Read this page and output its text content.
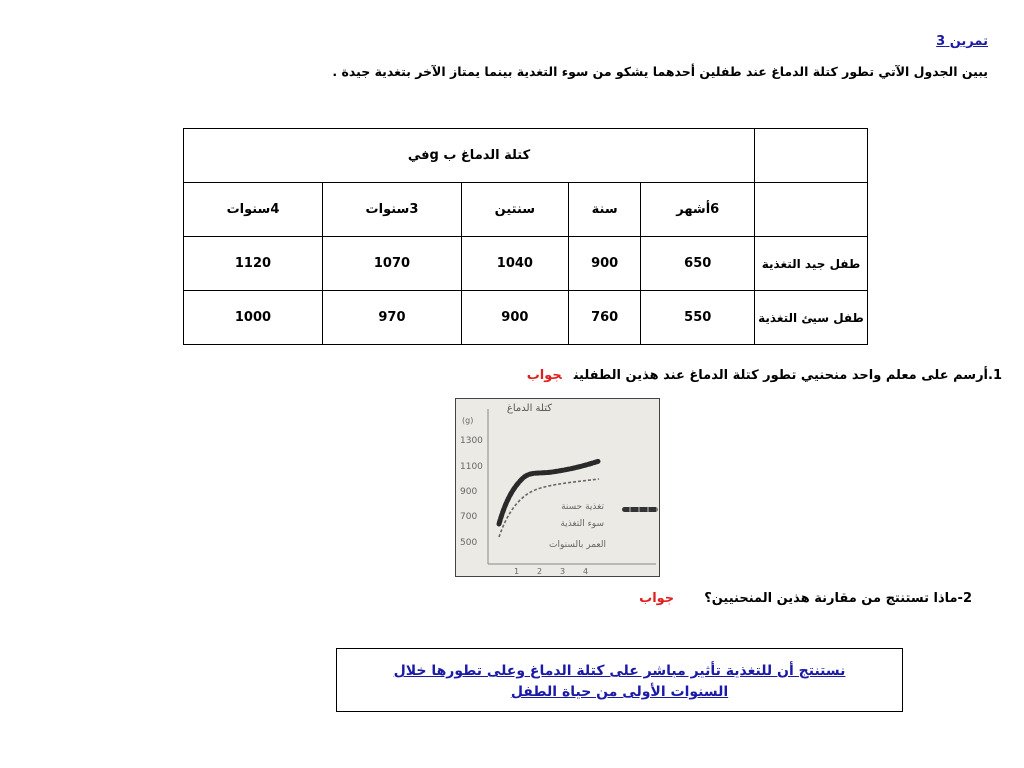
تمرين 3
يبين الجدول الآتي تطور كتلة الدماغ عند طفلين أحدهما يشكو من سوء التغدية بينما يمتاز الآخر بتغدية جيدة .
	كتلة الدماغ ب gفي				
	6أشهر	سنة	سنتين	3سنوات	4سنوات
طفل جيد التغذية	650	900	1040	1070	1120
طفل سيئ التغذية	550	760	900	970	1000
1.أرسم على معلم واحد منحنيي تطور كتلة الدماغ عند هذين الطفلينجواب
كتلة الدماغ
(g)
1300
1100
900
700
500
1 2 3 4
تغذية حسنة
سوء التغذية
العمر بالسنوات
2-ماذا تستنتج من مقارنة هذين المنحنيين؟جواب
نستنتج أن للتغذية تأثير مباشر على كتلة الدماغ وعلى تطورها خلال السنوات الأولى من حياة الطفل
